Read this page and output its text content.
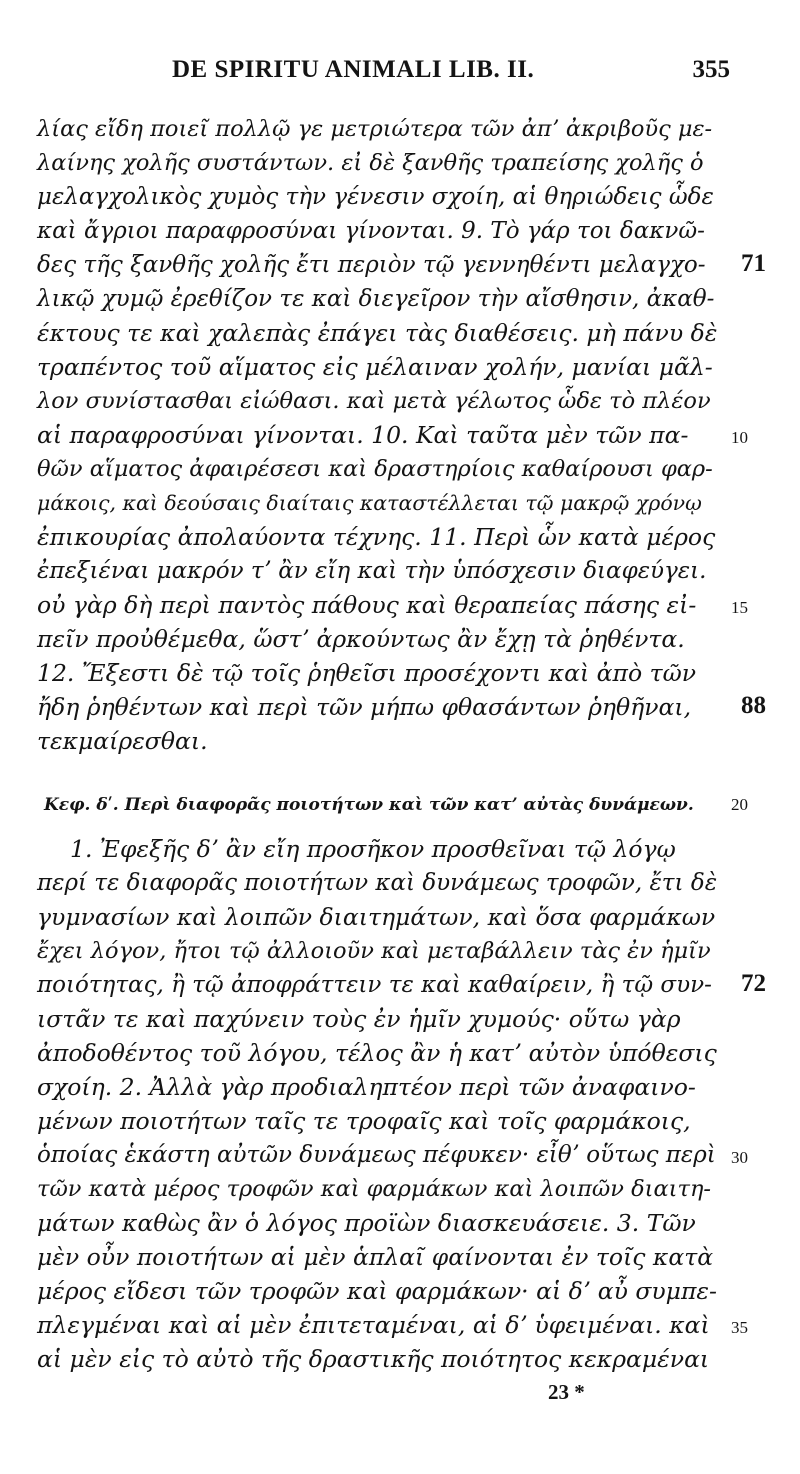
DE SPIRITU ANIMALI LIB. II.	355
λίας εἴδη ποιεῖ πολλῷ γε μετριώτερα τῶν ἀπʼ ἀκριβοῦς με-
λαίνης χολῆς συστάντων. εἰ δὲ ξανθῆς τραπείσης χολῆς ὁ
μελαγχολικὸς χυμὸς τὴν γένεσιν σχοίη, αἱ θηριώδεις ὧδε
καὶ ἄγριοι παραφροσύναι γίνονται. 9. Τὸ γάρ τοι δακνῶ-
δες τῆς ξανθῆς χολῆς ἔτι περιὸν τῷ γεννηθέντι μελαγχο-
λικῷ χυμῷ ἐρεθίζον τε καὶ διεγεῖρον τὴν αἴσθησιν, ἀκαθ-
έκτους τε καὶ χαλεπὰς ἐπάγει τὰς διαθέσεις. μὴ πάνυ δὲ
τραπέντος τοῦ αἵματος εἰς μέλαιναν χολήν, μανίαι μᾶλ-
λον συνίστασθαι εἰώθασι. καὶ μετὰ γέλωτος ὧδε τὸ πλέον
αἱ παραφροσύναι γίνονται. 10. Καὶ ταῦτα μὲν τῶν πα-
θῶν αἵματος ἀφαιρέσεσι καὶ δραστηρίοις καθαίρουσι φαρ-
μάκοις, καὶ δεούσαις διαίταις καταστέλλεται τῷ μακρῷ χρόνῳ
ἐπικουρίας ἀπολαύοντα τέχνης. 11. Περὶ ὧν κατὰ μέρος
ἐπεξιέναι μακρόν τʼ ἂν εἴη καὶ τὴν ὑπόσχεσιν διαφεύγει.
οὐ γὰρ δὴ περὶ παντὸς πάθους καὶ θεραπείας πάσης εἰ-
πεῖν προὐθέμεθα, ὥστʼ ἀρκούντως ἂν ἔχῃ τὰ ῥηθέντα.
12. Ἔξεστι δὲ τῷ τοῖς ῥηθεῖσι προσέχοντι καὶ ἀπὸ τῶν
ἤδη ῥηθέντων καὶ περὶ τῶν μήπω φθασάντων ῥηθῆναι,
τεκμαίρεσθαι.
Κεφ. δʹ. Περὶ διαφορᾶς ποιοτήτων καὶ τῶν κατʼ αὐτὰς δυνάμεων.
1. Ἐφεξῆς δʼ ἂν εἴη προσῆκον προσθεῖναι τῷ λόγῳ
περί τε διαφορᾶς ποιοτήτων καὶ δυνάμεως τροφῶν, ἔτι δὲ
γυμνασίων καὶ λοιπῶν διαιτημάτων, καὶ ὅσα φαρμάκων
ἔχει λόγον, ἤτοι τῷ ἀλλοιοῦν καὶ μεταβάλλειν τὰς ἐν ἡμῖν
ποιότητας, ἢ τῷ ἀποφράττειν τε καὶ καθαίρειν, ἢ τῷ συν-
ιστᾶν τε καὶ παχύνειν τοὺς ἐν ἡμῖν χυμούς· οὕτω γὰρ
ἀποδοθέντος τοῦ λόγου, τέλος ἂν ἡ κατʼ αὐτὸν ὑπόθεσις
σχοίη. 2. Ἀλλὰ γὰρ προδιαληπτέον περὶ τῶν ἀναφαινο-
μένων ποιοτήτων ταῖς τε τροφαῖς καὶ τοῖς φαρμάκοις,
ὁποίας ἑκάστη αὐτῶν δυνάμεως πέφυκεν· εἶθʼ οὕτως περὶ
τῶν κατὰ μέρος τροφῶν καὶ φαρμάκων καὶ λοιπῶν διαιτη-
μάτων καθὼς ἂν ὁ λόγος προϊὼν διασκευάσειε. 3. Τῶν
μὲν οὖν ποιοτήτων αἱ μὲν ἁπλαῖ φαίνονται ἐν τοῖς κατὰ
μέρος εἴδεσι τῶν τροφῶν καὶ φαρμάκων· αἱ δʼ αὖ συμπε-
πλεγμέναι καὶ αἱ μὲν ἐπιτεταμέναι, αἱ δʼ ὑφειμέναι. καὶ
αἱ μὲν εἰς τὸ αὐτὸ τῆς δραστικῆς ποιότητος κεκραμέναι
71
10
15
88
20
72
30
35
23 *
